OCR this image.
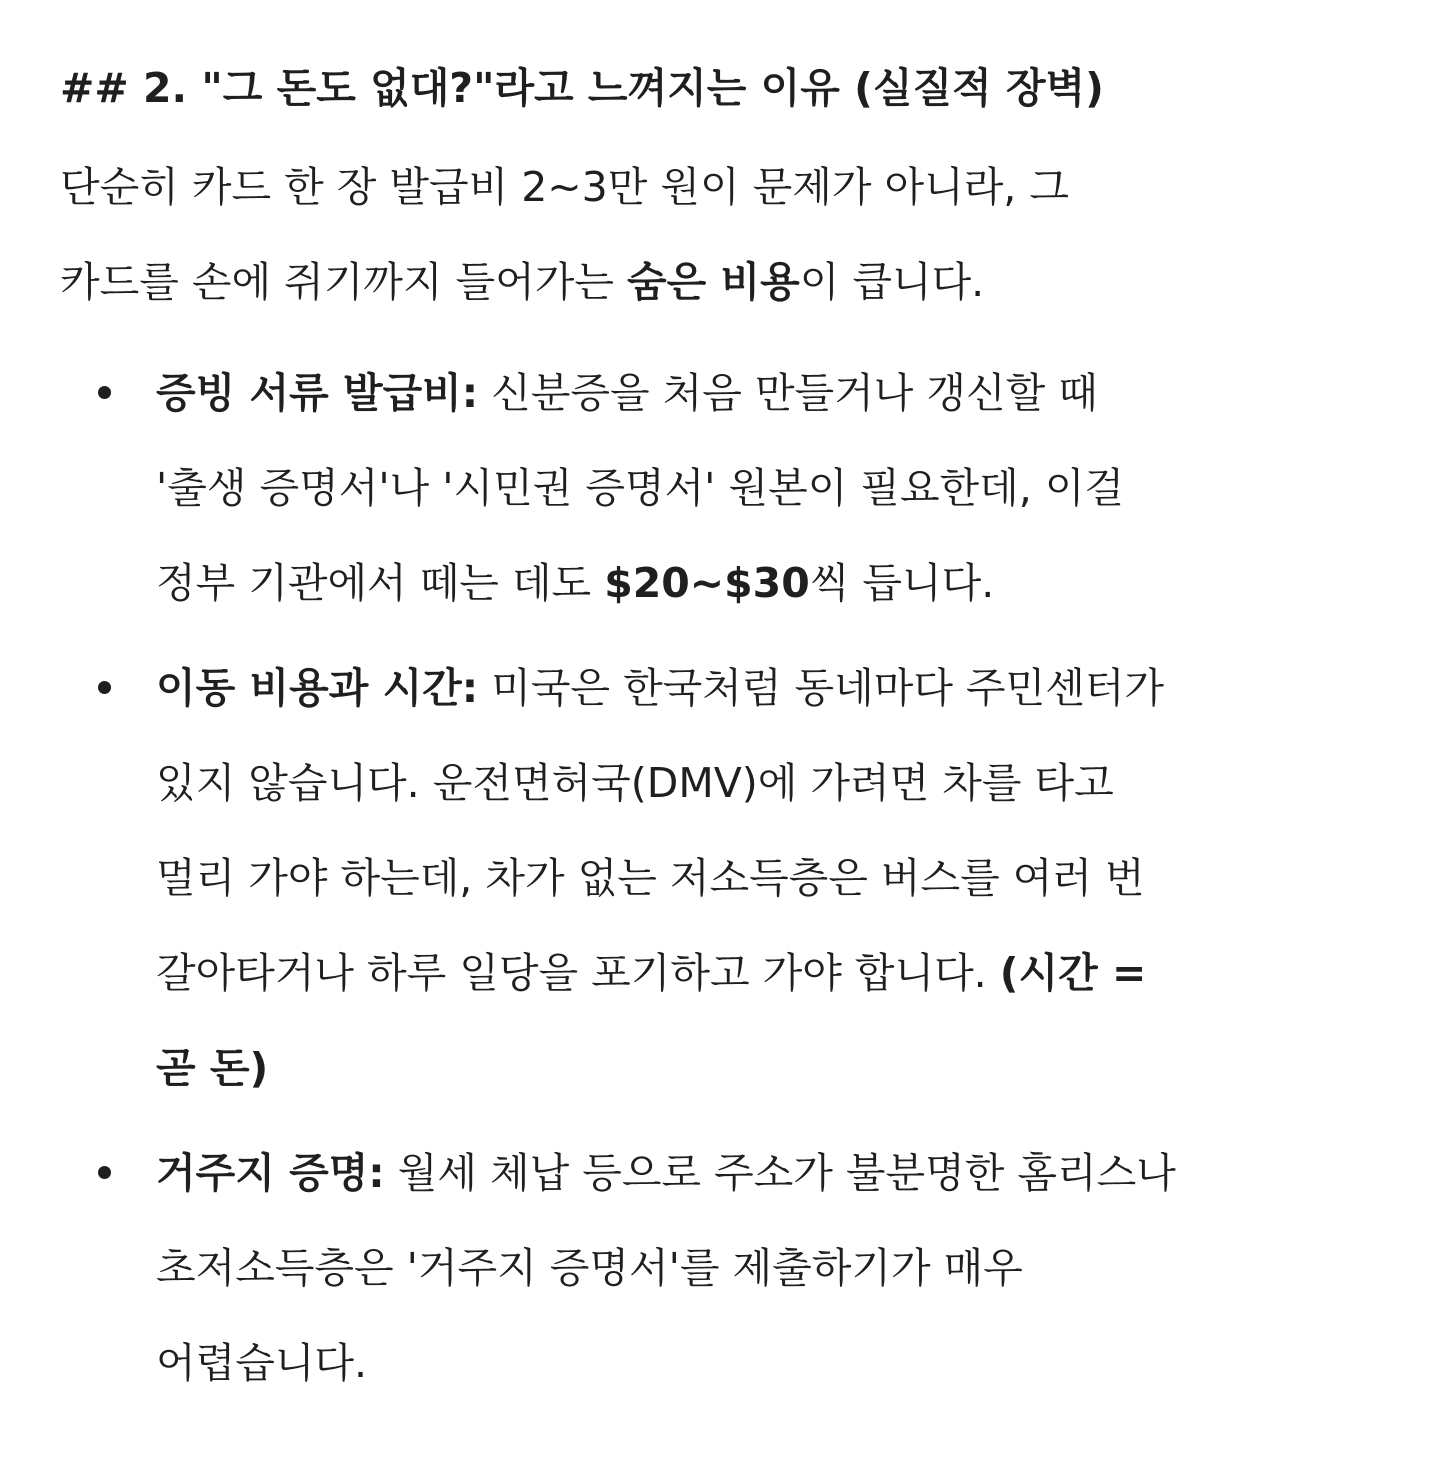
## 2. "그 돈도 없대?"라고 느껴지는 이유 (실질적 장벽)

단순히 카드 한 장 발급비 2~3만 원이 문제가 아니라, 그
카드를 손에 쥐기까지 들어가는 숨은 비용이 큽니다.

증빙 서류 발급비: 신분증을 처음 만들거나 갱신할 때
'출생 증명서'나 '시민권 증명서' 원본이 필요한데, 이걸
정부 기관에서 떼는 데도 $20~$30씩 듭니다.
이동 비용과 시간: 미국은 한국처럼 동네마다 주민센터가
있지 않습니다. 운전면허국(DMV)에 가려면 차를 타고
멀리 가야 하는데, 차가 없는 저소득층은 버스를 여러 번
갈아타거나 하루 일당을 포기하고 가야 합니다. (시간 =
곧 돈)
거주지 증명: 월세 체납 등으로 주소가 불분명한 홈리스나
초저소득층은 '거주지 증명서'를 제출하기가 매우
어렵습니다.
